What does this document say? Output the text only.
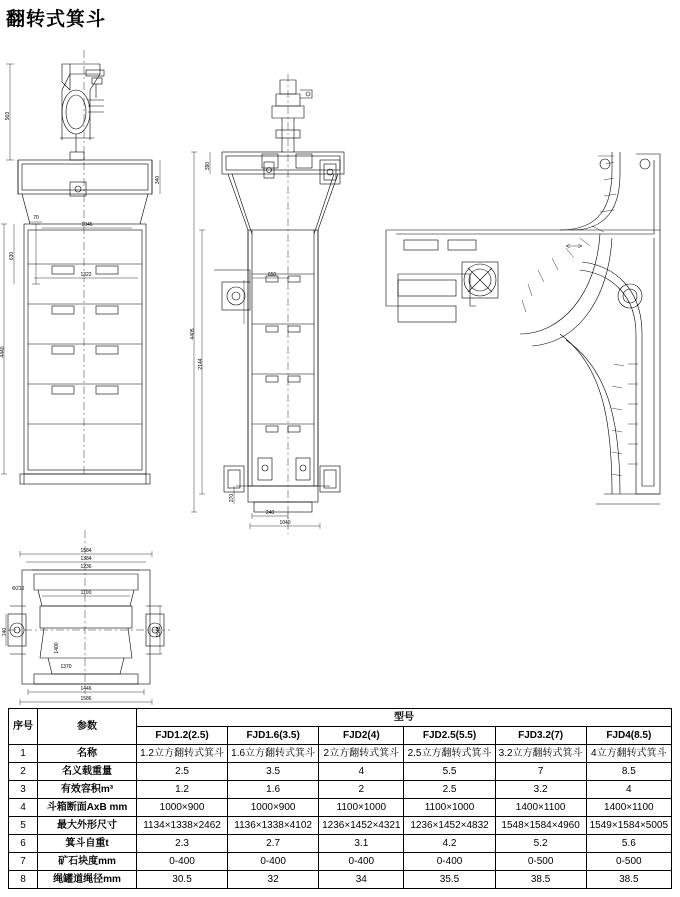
翻转式箕斗
903
630
4440
340
70
1046
1322
390
2144
4405
650
270
240
1040
1584
1384
1236
1100
Φ210
740	1548
1370
1400
1446
1586
序号	参数	型号					
		FJD1.2(2.5)	FJD1.6(3.5)	FJD2(4)	FJD2.5(5.5)	FJD3.2(7)	FJD4(8.5)
1	名称	1.2立方翻转式箕斗	1.6立方翻转式箕斗	2立方翻转式箕斗	2.5立方翻转式箕斗	3.2立方翻转式箕斗	4立方翻转式箕斗
2	名义载重量	2.5	3.5	4	5.5	7	8.5
3	有效容积m³	1.2	1.6	2	2.5	3.2	4
4	斗箱断面AxB mm	1000×900	1000×900	1100×1000	1100×1000	1400×1100	1400×1100
5	最大外形尺寸	1134×1338×2462	1136×1338×4102	1236×1452×4321	1236×1452×4832	1548×1584×4960	1549×1584×5005
6	箕斗自重t	2.3	2.7	3.1	4.2	5.2	5.6
7	矿石块度mm	0-400	0-400	0-400	0-400	0-500	0-500
8	绳罐道绳径mm	30.5	32	34	35.5	38.5	38.5
